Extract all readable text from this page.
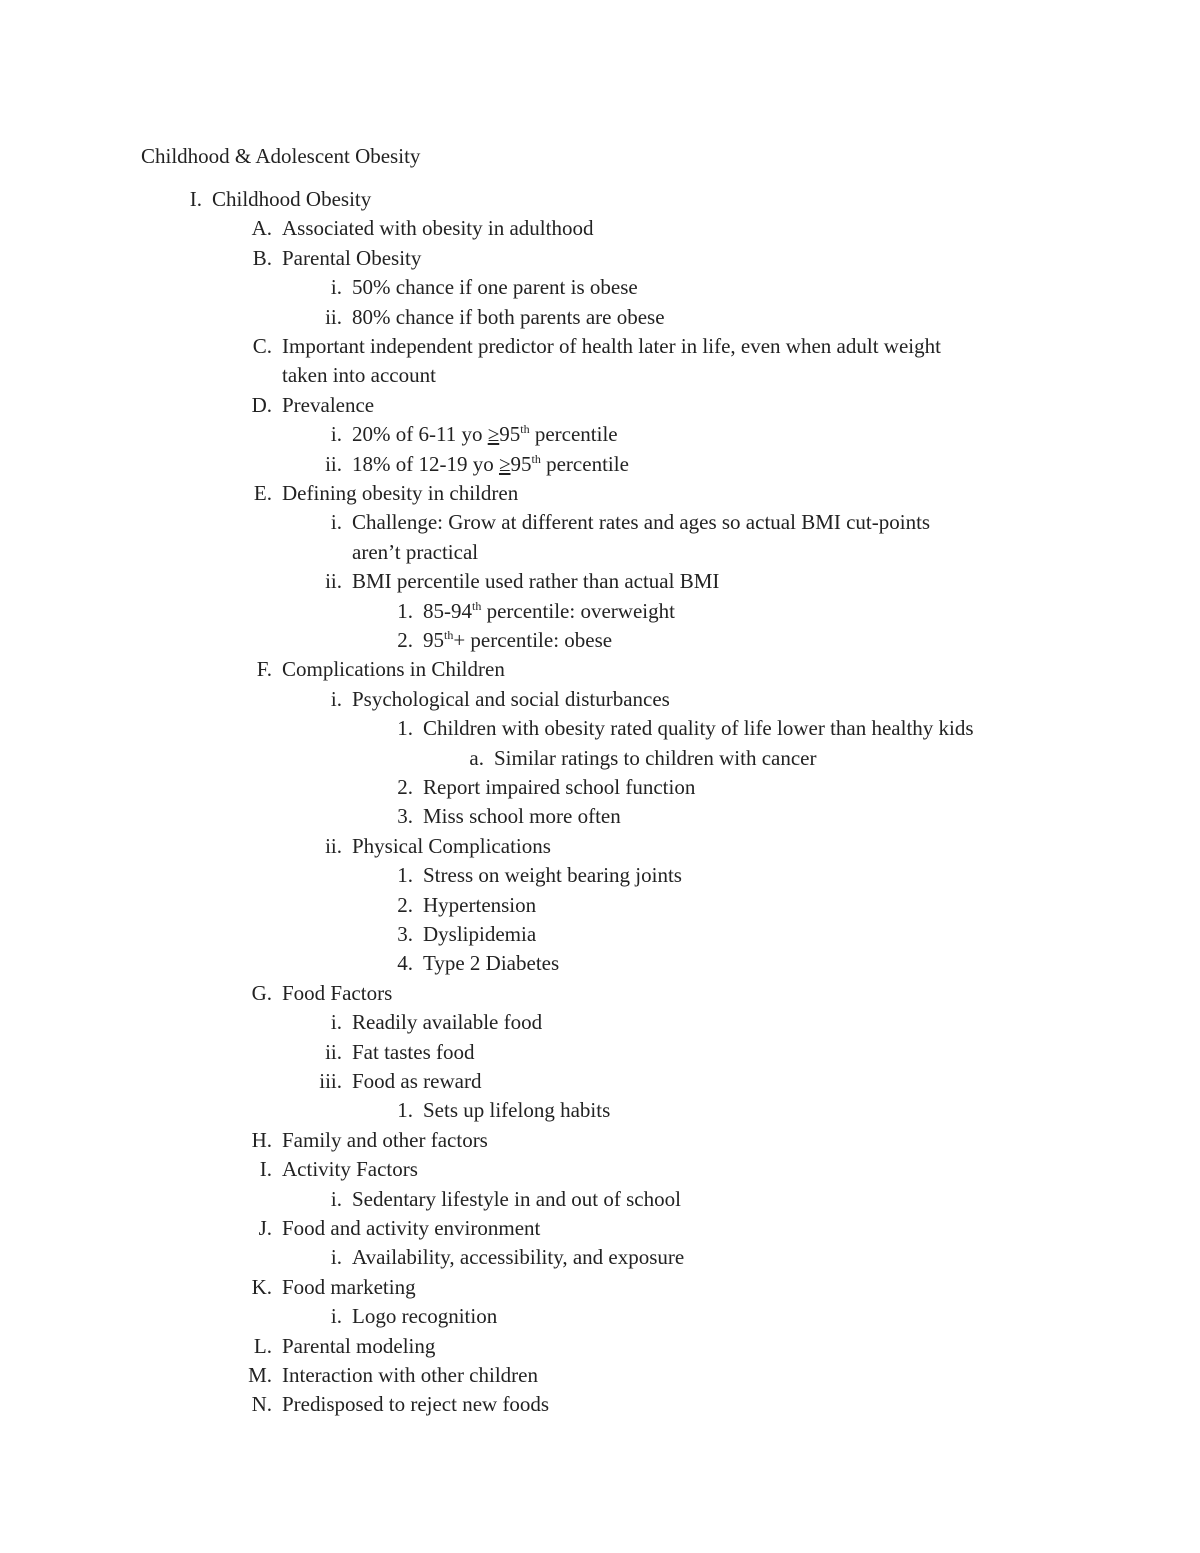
Childhood & Adolescent Obesity
I. Childhood Obesity
A. Associated with obesity in adulthood
B. Parental Obesity
i. 50% chance if one parent is obese
ii. 80% chance if both parents are obese
C. Important independent predictor of health later in life, even when adult weight
taken into account
D. Prevalence
i. 20% of 6-11 yo ≥95th percentile
ii. 18% of 12-19 yo ≥95th percentile
E. Defining obesity in children
i. Challenge: Grow at different rates and ages so actual BMI cut-points
aren’t practical
ii. BMI percentile used rather than actual BMI
1. 85-94th percentile: overweight
2. 95th+ percentile: obese
F. Complications in Children
i. Psychological and social disturbances
1. Children with obesity rated quality of life lower than healthy kids
a. Similar ratings to children with cancer
2. Report impaired school function
3. Miss school more often
ii. Physical Complications
1. Stress on weight bearing joints
2. Hypertension
3. Dyslipidemia
4. Type 2 Diabetes
G. Food Factors
i. Readily available food
ii. Fat tastes food
iii. Food as reward
1. Sets up lifelong habits
H. Family and other factors
I. Activity Factors
i. Sedentary lifestyle in and out of school
J. Food and activity environment
i. Availability, accessibility, and exposure
K. Food marketing
i. Logo recognition
L. Parental modeling
M. Interaction with other children
N. Predisposed to reject new foods
